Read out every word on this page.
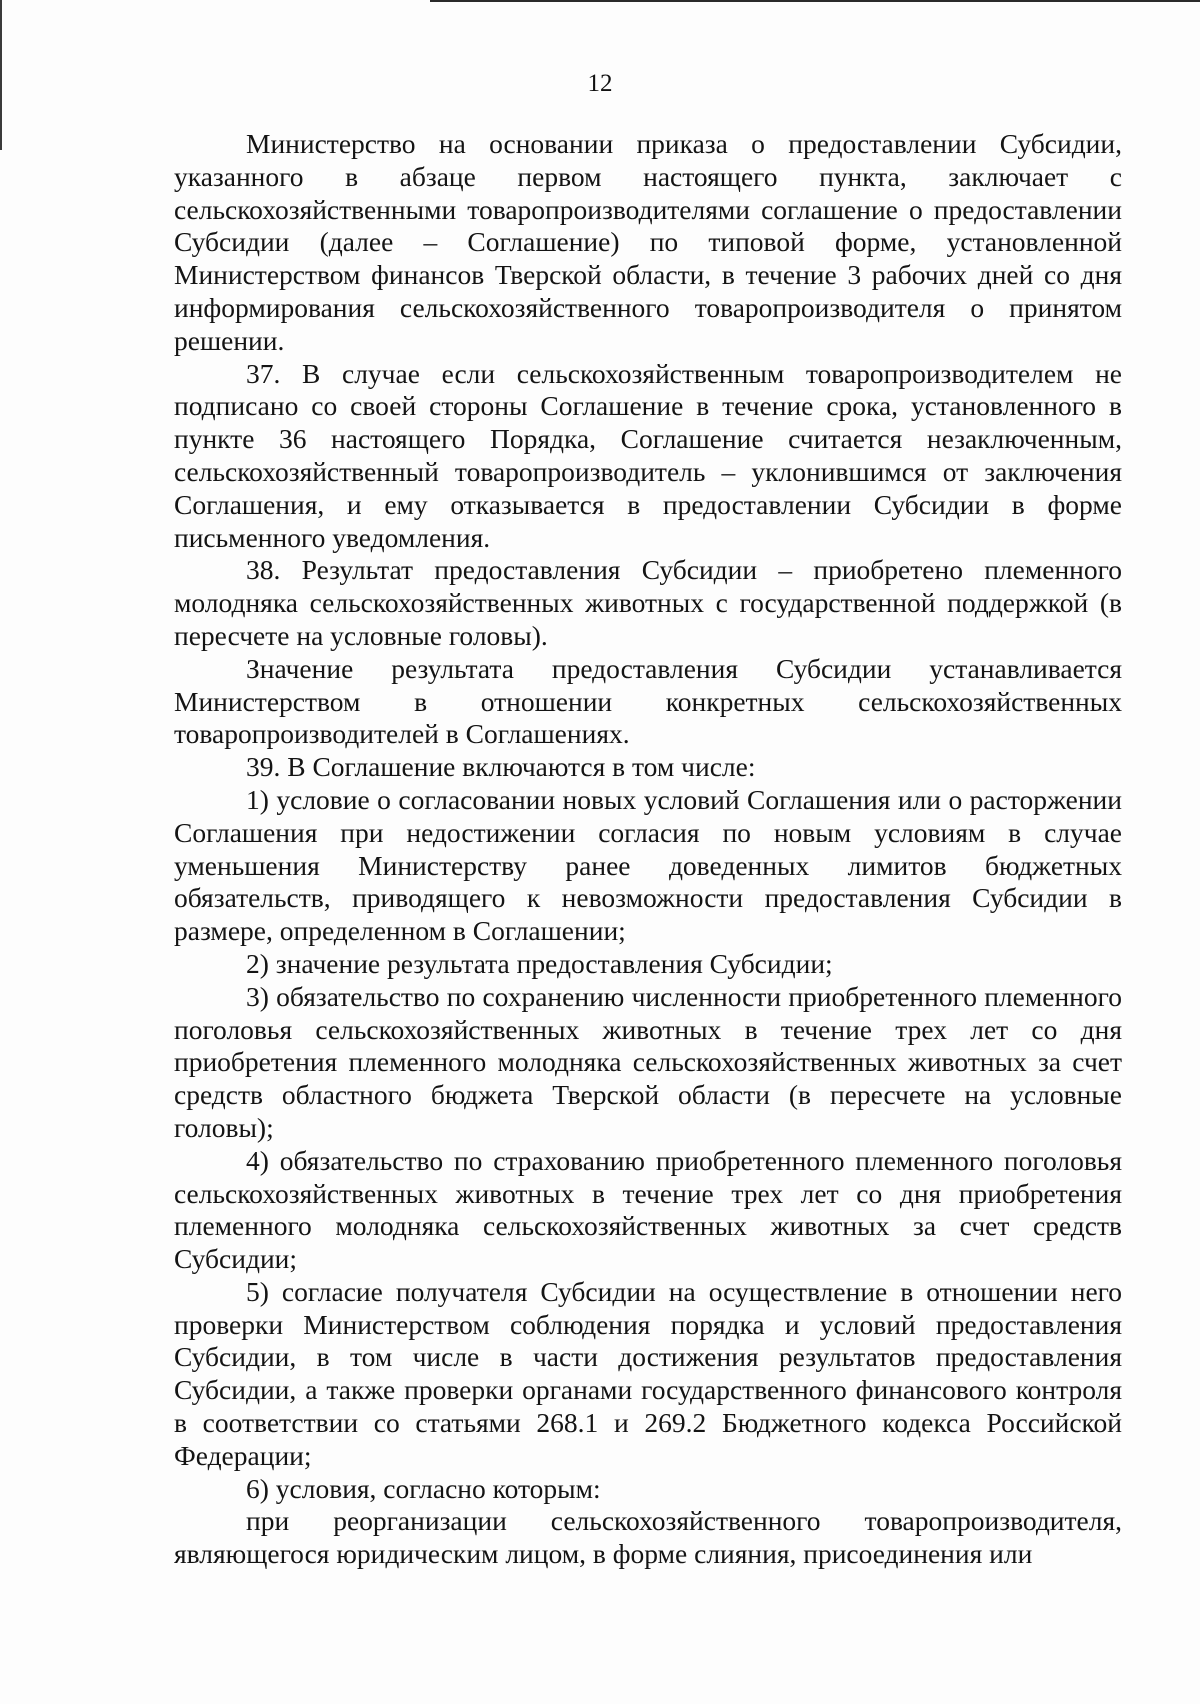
12

Министерство на основании приказа о предоставлении Субсидии, указанного в абзаце первом настоящего пункта, заключает с сельскохозяйственными товаропроизводителями соглашение о предоставлении Субсидии (далее – Соглашение) по типовой форме, установленной Министерством финансов Тверской области, в течение 3 рабочих дней со дня информирования сельскохозяйственного товаропроизводителя о принятом решении.

37. В случае если сельскохозяйственным товаропроизводителем не подписано со своей стороны Соглашение в течение срока, установленного в пункте 36 настоящего Порядка, Соглашение считается незаключенным, сельскохозяйственный товаропроизводитель – уклонившимся от заключения Соглашения, и ему отказывается в предоставлении Субсидии в форме письменного уведомления.

38. Результат предоставления Субсидии – приобретено племенного молодняка сельскохозяйственных животных с государственной поддержкой (в пересчете на условные головы).

Значение результата предоставления Субсидии устанавливается Министерством в отношении конкретных сельскохозяйственных товаропроизводителей в Соглашениях.

39. В Соглашение включаются в том числе:

1) условие о согласовании новых условий Соглашения или о расторжении Соглашения при недостижении согласия по новым условиям в случае уменьшения Министерству ранее доведенных лимитов бюджетных обязательств, приводящего к невозможности предоставления Субсидии в размере, определенном в Соглашении;

2) значение результата предоставления Субсидии;

3) обязательство по сохранению численности приобретенного племенного поголовья сельскохозяйственных животных в течение трех лет со дня приобретения племенного молодняка сельскохозяйственных животных за счет средств областного бюджета Тверской области (в пересчете на условные головы);

4) обязательство по страхованию приобретенного племенного поголовья сельскохозяйственных животных в течение трех лет со дня приобретения племенного молодняка сельскохозяйственных животных за счет средств Субсидии;

5) согласие получателя Субсидии на осуществление в отношении него проверки Министерством соблюдения порядка и условий предоставления Субсидии, в том числе в части достижения результатов предоставления Субсидии, а также проверки органами государственного финансового контроля в соответствии со статьями 268.1 и 269.2 Бюджетного кодекса Российской Федерации;

6) условия, согласно которым:

при реорганизации сельскохозяйственного товаропроизводителя, являющегося юридическим лицом, в форме слияния, присоединения или
